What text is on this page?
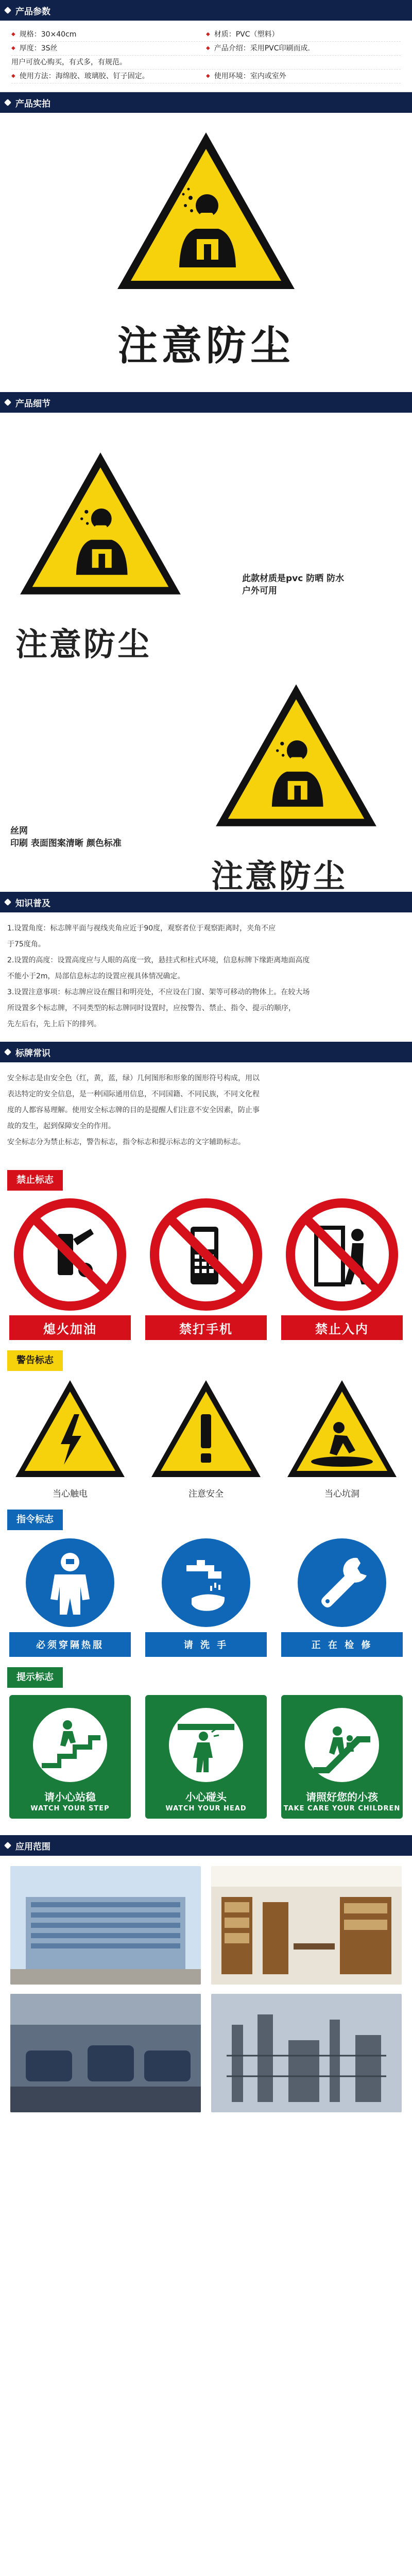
产品参数
◆ 规格：30×40cm	◆ 材质：PVC（塑料）
◆ 厚度：3S丝	◆ 产品介绍：采用PVC印刷而成.
用户可放心购买，有式多，有规范。
◆ 使用方法：海绵胶、玻璃胶、钉子固定。	◆ 使用环境：室内或室外
产品实拍
注意防尘
产品细节
此款材质是pvc 防晒 防水
户外可用
注意防尘
丝网
印刷 表面图案清晰 颜色标准
注意防尘
知识普及

1.设置角度：标志牌平面与视线夹角应近于90度，观察者位于观察距离时，夹角不应

于75度角。

2.设置的高度：设置高度应与人眼的高度一致，悬挂式和柱式环境，信息标牌下缘距离地面高度

不能小于2m，局部信息标志的设置应视具体情况确定。

3.设置注意事项：标志牌应设在醒目和明亮处，不应设在门窗、架等可移动的物体上。在较大场

所设置多个标志牌，不同类型的标志牌同时设置时，应按警告、禁止、指令、提示的顺序，

先左后右，先上后下的排列。

标牌常识

安全标志是由安全色（红，黄，蓝，绿）几何图形和形象的图形符号构成，用以

表达特定的安全信息，是一种国际通用信息，不同国籍、不同民族，不同文化程

度的人都容易理解。使用安全标志牌的目的是提醒人们注意不安全因素，防止事

故的发生，起到保障安全的作用。

安全标志分为禁止标志，警告标志，指令标志和提示标志的文字辅助标志。

禁止标志
熄火加油	禁打手机	禁止入内
警告标志
当心触电	注意安全	当心坑洞
指令标志
必须穿隔热服	请 洗 手	正 在 检 修
提示标志
请小心站稳
WATCH YOUR STEP
小心碰头
WATCH YOUR HEAD
请照好您的小孩
TAKE CARE YOUR CHILDREN
应用范围
